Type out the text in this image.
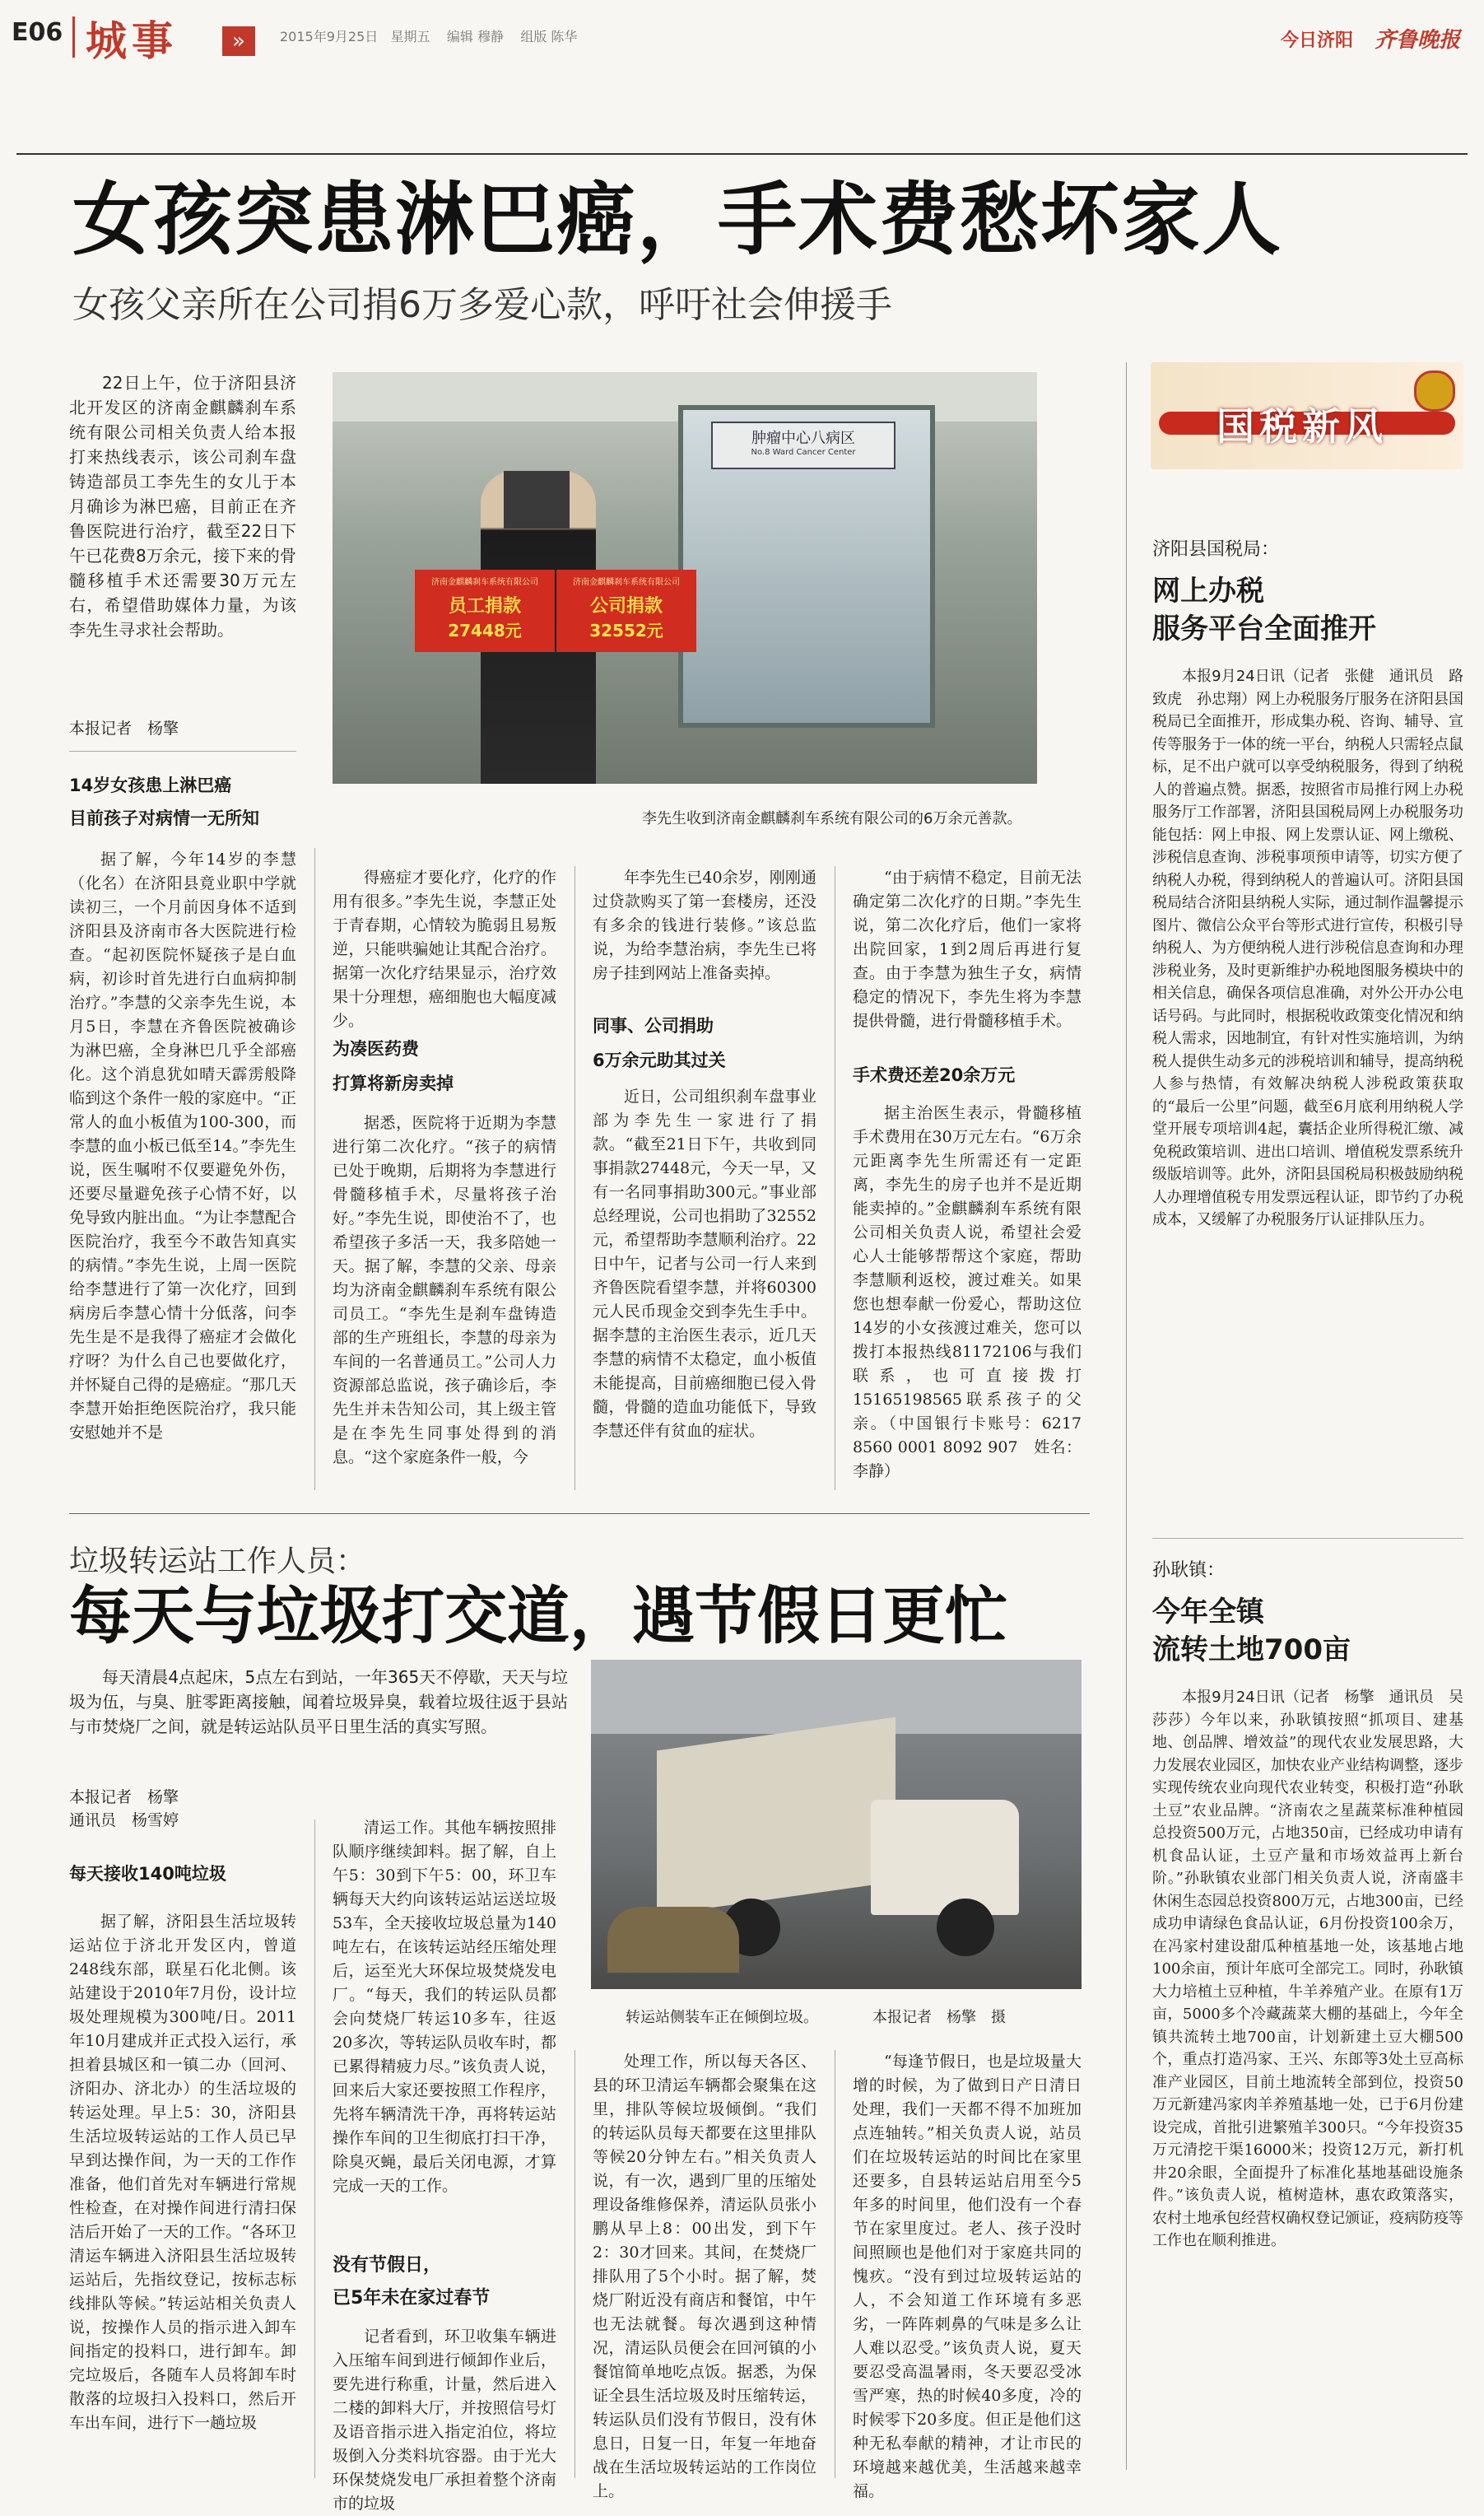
E06 城事	»	2015年9月25日 星期五 编辑 穆静 组版 陈华	今日济阳 齐鲁晚报
女孩突患淋巴癌，手术费愁坏家人
女孩父亲所在公司捐6万多爱心款，呼吁社会伸援手

22日上午，位于济阳县济北开发区的济南金麒麟刹车系统有限公司相关负责人给本报打来热线表示，该公司刹车盘铸造部员工李先生的女儿于本月确诊为淋巴癌，目前正在齐鲁医院进行治疗，截至22日下午已花费8万余元，接下来的骨髓移植手术还需要30万元左右，希望借助媒体力量，为该李先生寻求社会帮助。

本报记者　杨擎
14岁女孩患上淋巴癌
目前孩子对病情一无所知
肿瘤中心八病区
No.8 Ward Cancer Center
济南金麒麟刹车系统有限公司
员工捐款
27448元
济南金麒麟刹车系统有限公司
公司捐款
32552元
李先生收到济南金麒麟刹车系统有限公司的6万余元善款。

据了解，今年14岁的李慧（化名）在济阳县竟业职中学就读初三，一个月前因身体不适到济阳县及济南市各大医院进行检查。“起初医院怀疑孩子是白血病，初诊时首先进行白血病抑制治疗。”李慧的父亲李先生说，本月5日，李慧在齐鲁医院被确诊为淋巴癌，全身淋巴几乎全部癌化。这个消息犹如晴天霹雳般降临到这个条件一般的家庭中。“正常人的血小板值为100-300，而李慧的血小板已低至14。”李先生说，医生嘱咐不仅要避免外伤，还要尽量避免孩子心情不好，以免导致内脏出血。“为让李慧配合医院治疗，我至今不敢告知真实的病情。”李先生说，上周一医院给李慧进行了第一次化疗，回到病房后李慧心情十分低落，问李先生是不是我得了癌症才会做化疗呀？为什么自己也要做化疗，并怀疑自己得的是癌症。“那几天李慧开始拒绝医院治疗，我只能安慰她并不是

得癌症才要化疗，化疗的作用有很多。”李先生说，李慧正处于青春期，心情较为脆弱且易叛逆，只能哄骗她让其配合治疗。据第一次化疗结果显示，治疗效果十分理想，癌细胞也大幅度减少。

为凑医药费
打算将新房卖掉

据悉，医院将于近期为李慧进行第二次化疗。“孩子的病情已处于晚期，后期将为李慧进行骨髓移植手术，尽量将孩子治好。”李先生说，即使治不了，也希望孩子多活一天，我多陪她一天。据了解，李慧的父亲、母亲均为济南金麒麟刹车系统有限公司员工。“李先生是刹车盘铸造部的生产班组长，李慧的母亲为车间的一名普通员工。”公司人力资源部总监说，孩子确诊后，李先生并未告知公司，其上级主管是在李先生同事处得到的消息。“这个家庭条件一般，今

年李先生已40余岁，刚刚通过贷款购买了第一套楼房，还没有多余的钱进行装修。”该总监说，为给李慧治病，李先生已将房子挂到网站上准备卖掉。

同事、公司捐助
6万余元助其过关

近日，公司组织刹车盘事业部为李先生一家进行了捐款。“截至21日下午，共收到同事捐款27448元，今天一早，又有一名同事捐助300元。”事业部总经理说，公司也捐助了32552元，希望帮助李慧顺利治疗。22日中午，记者与公司一行人来到齐鲁医院看望李慧，并将60300元人民币现金交到李先生手中。据李慧的主治医生表示，近几天李慧的病情不太稳定，血小板值未能提高，目前癌细胞已侵入骨髓，骨髓的造血功能低下，导致李慧还伴有贫血的症状。

“由于病情不稳定，目前无法确定第二次化疗的日期。”李先生说，第二次化疗后，他们一家将出院回家，1到2周后再进行复查。由于李慧为独生子女，病情稳定的情况下，李先生将为李慧提供骨髓，进行骨髓移植手术。

手术费还差20余万元

据主治医生表示，骨髓移植手术费用在30万元左右。“6万余元距离李先生所需还有一定距离，李先生的房子也并不是近期能卖掉的。”金麒麟刹车系统有限公司相关负责人说，希望社会爱心人士能够帮帮这个家庭，帮助李慧顺利返校，渡过难关。如果您也想奉献一份爱心，帮助这位14岁的小女孩渡过难关，您可以拨打本报热线81172106与我们联系，也可直接拨打15165198565联系孩子的父亲。（中国银行卡账号：6217 8560 0001 8092 907　姓名：李静）

国税新风
济阳县国税局：
网上办税
服务平台全面推开

本报9月24日讯（记者　张健　通讯员　路致虎　孙忠翔）网上办税服务厅服务在济阳县国税局已全面推开，形成集办税、咨询、辅导、宣传等服务于一体的统一平台，纳税人只需轻点鼠标，足不出户就可以享受纳税服务，得到了纳税人的普遍点赞。据悉，按照省市局推行网上办税服务厅工作部署，济阳县国税局网上办税服务功能包括：网上申报、网上发票认证、网上缴税、涉税信息查询、涉税事项预申请等，切实方便了纳税人办税，得到纳税人的普遍认可。济阳县国税局结合济阳县纳税人实际，通过制作温馨提示图片、微信公众平台等形式进行宣传，积极引导纳税人、为方便纳税人进行涉税信息查询和办理涉税业务，及时更新维护办税地图服务模块中的相关信息，确保各项信息准确，对外公开办公电话号码。与此同时，根据税收政策变化情况和纳税人需求，因地制宜，有针对性实施培训，为纳税人提供生动多元的涉税培训和辅导，提高纳税人参与热情，有效解决纳税人涉税政策获取的“最后一公里”问题，截至6月底利用纳税人学堂开展专项培训4起，囊括企业所得税汇缴、减免税政策培训、进出口培训、增值税发票系统升级版培训等。此外，济阳县国税局积极鼓励纳税人办理增值税专用发票远程认证，即节约了办税成本，又缓解了办税服务厅认证排队压力。

孙耿镇：
今年全镇
流转土地700亩

本报9月24日讯（记者　杨擎　通讯员　吴莎莎）今年以来，孙耿镇按照“抓项目、建基地、创品牌、增效益”的现代农业发展思路，大力发展农业园区，加快农业产业结构调整，逐步实现传统农业向现代农业转变，积极打造“孙耿土豆”农业品牌。“济南农之星蔬菜标准种植园总投资500万元，占地350亩，已经成功申请有机食品认证，土豆产量和市场效益再上新台阶。”孙耿镇农业部门相关负责人说，济南盛丰休闲生态园总投资800万元，占地300亩，已经成功申请绿色食品认证，6月份投资100余万，在冯家村建设甜瓜种植基地一处，该基地占地100余亩，预计年底可全部完工。同时，孙耿镇大力培植土豆种植，牛羊养殖产业。在原有1万亩，5000多个冷藏蔬菜大棚的基础上，今年全镇共流转土地700亩，计划新建土豆大棚500个，重点打造冯家、王兴、东郎等3处土豆高标准产业园区，目前土地流转全部到位，投资50万元新建冯家肉羊养殖基地一处，已于6月份建设完成，首批引进繁殖羊300只。“今年投资35万元清挖干渠16000米；投资12万元，新打机井20余眼，全面提升了标准化基地基础设施条件。”该负责人说，植树造林，惠农政策落实，农村土地承包经营权确权登记颁证，疫病防疫等工作也在顺利推进。

垃圾转运站工作人员：
每天与垃圾打交道，遇节假日更忙

每天清晨4点起床，5点左右到站，一年365天不停歇，天天与垃圾为伍，与臭、脏零距离接触，闻着垃圾异臭，载着垃圾往返于县站与市焚烧厂之间，就是转运站队员平日里生活的真实写照。

本报记者　杨擎
通讯员　杨雪婷
每天接收140吨垃圾
转运站侧装车正在倾倒垃圾。	本报记者　杨擎　摄

据了解，济阳县生活垃圾转运站位于济北开发区内，曾道248线东部，联星石化北侧。该站建设于2010年7月份，设计垃圾处理规模为300吨/日。2011年10月建成并正式投入运行，承担着县城区和一镇二办（回河、济阳办、济北办）的生活垃圾的转运处理。早上5：30，济阳县生活垃圾转运站的工作人员已早早到达操作间，为一天的工作作准备，他们首先对车辆进行常规性检查，在对操作间进行清扫保洁后开始了一天的工作。“各环卫清运车辆进入济阳县生活垃圾转运站后，先指纹登记，按标志标线排队等候。”转运站相关负责人说，按操作人员的指示进入卸车间指定的投料口，进行卸车。卸完垃圾后，各随车人员将卸车时散落的垃圾扫入投料口，然后开车出车间，进行下一趟垃圾

清运工作。其他车辆按照排队顺序继续卸料。据了解，自上午5：30到下午5：00，环卫车辆每天大约向该转运站运送垃圾53车，全天接收垃圾总量为140吨左右，在该转运站经压缩处理后，运至光大环保垃圾焚烧发电厂。“每天，我们的转运队员都会向焚烧厂转运10多车，往返20多次，等转运队员收车时，都已累得精疲力尽。”该负责人说，回来后大家还要按照工作程序，先将车辆清洗干净，再将转运站操作车间的卫生彻底打扫干净，除臭灭蝇，最后关闭电源，才算完成一天的工作。

没有节假日，
已5年未在家过春节

记者看到，环卫收集车辆进入压缩车间到进行倾卸作业后，要先进行称重，计量，然后进入二楼的卸料大厅，并按照信号灯及语音指示进入指定泊位，将垃圾倒入分类料坑容器。由于光大环保焚烧发电厂承担着整个济南市的垃圾

处理工作，所以每天各区、县的环卫清运车辆都会聚集在这里，排队等候垃圾倾倒。“我们的转运队员每天都要在这里排队等候20分钟左右。”相关负责人说，有一次，遇到厂里的压缩处理设备维修保养，清运队员张小鹏从早上8：00出发，到下午2：30才回来。其间，在焚烧厂排队用了5个小时。据了解，焚烧厂附近没有商店和餐馆，中午也无法就餐。每次遇到这种情况，清运队员便会在回河镇的小餐馆简单地吃点饭。据悉，为保证全县生活垃圾及时压缩转运，转运队员们没有节假日，没有休息日，日复一日，年复一年地奋战在生活垃圾转运站的工作岗位上。

“每逢节假日，也是垃圾量大增的时候，为了做到日产日清日处理，我们一天都不得不加班加点连轴转。”相关负责人说，站员们在垃圾转运站的时间比在家里还要多，自县转运站启用至今5年多的时间里，他们没有一个春节在家里度过。老人、孩子没时间照顾也是他们对于家庭共同的愧疚。“没有到过垃圾转运站的人，不会知道工作环境有多恶劣，一阵阵刺鼻的气味是多么让人难以忍受。”该负责人说，夏天要忍受高温暑雨，冬天要忍受冰雪严寒，热的时候40多度，冷的时候零下20多度。但正是他们这种无私奉献的精神，才让市民的环境越来越优美，生活越来越幸福。
